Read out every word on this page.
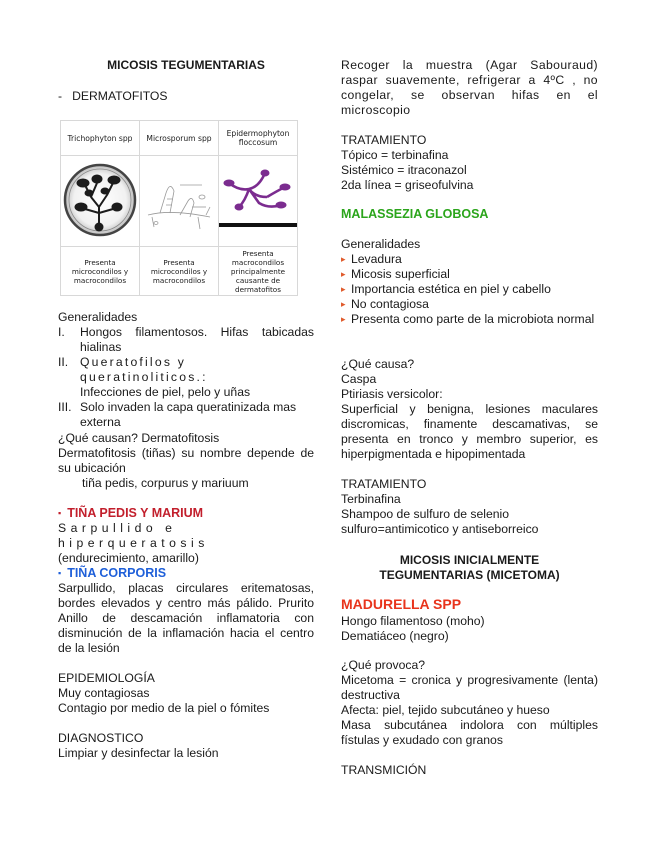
MICOSIS TEGUMENTARIAS
- DERMATOFITOS
Trichophyton spp	Microsporum spp	Epidermophyton floccosum

Presenta microcondilos y macrocondilos	Presenta microcondilos y macrocondilos	Presenta macrocondilos principalmente causante de dermatofitos

Generalidades

I. Hongos filamentosos. Hifas tabicadas hialinas
II. Queratofilos y queratinoliticos.:
Infecciones de piel, pelo y uñas
III. Solo invaden la capa queratinizada mas externa

¿Qué causan? Dermatofitosis

Dermatofitosis (tiñas) su nombre depende de su ubicación

tiña pedis, corpurus y mariuum

▪ TIÑA PEDIS Y MARIUM

Sarpullido e hiperqueratosis

(endurecimiento, amarillo)

▪ TIÑA CORPORIS

Sarpullido, placas circulares eritematosas, bordes elevados y centro más pálido. Prurito Anillo de descamación inflamatoria con disminución de la inflamación hacia el centro de la lesión

EPIDEMIOLOGÍA

Muy contagiosas

Contagio por medio de la piel o fómites

DIAGNOSTICO

Limpiar y desinfectar la lesión

Recoger la muestra (Agar Sabouraud) raspar suavemente, refrigerar a 4ºC , no congelar, se observan hifas en el microscopio

TRATAMIENTO

Tópico = terbinafina

Sistémico = itraconazol

2da línea = griseofulvina

MALASSEZIA GLOBOSA

Generalidades

▸ Levadura
▸ Micosis superficial
▸ Importancia estética en piel y cabello
▸ No contagiosa
▸ Presenta como parte de la microbiota normal

¿Qué causa?

Caspa

Ptiriasis versicolor:

Superficial y benigna, lesiones maculares discromicas, finamente descamativas, se presenta en tronco y membro superior, es hiperpigmentada e hipopimentada

TRATAMIENTO

Terbinafina

Shampoo de sulfuro de selenio

sulfuro=antimicotico y antiseborreico

MICOSIS INICIALMENTE
TEGUMENTARIAS (MICETOMA)

MADURELLA SPP

Hongo filamentoso (moho)

Dematiáceo (negro)

¿Qué provoca?

Micetoma = cronica y progresivamente (lenta) destructiva

Afecta: piel, tejido subcutáneo y hueso

Masa subcutánea indolora con múltiples fístulas y exudado con granos

TRANSMICIÓN
